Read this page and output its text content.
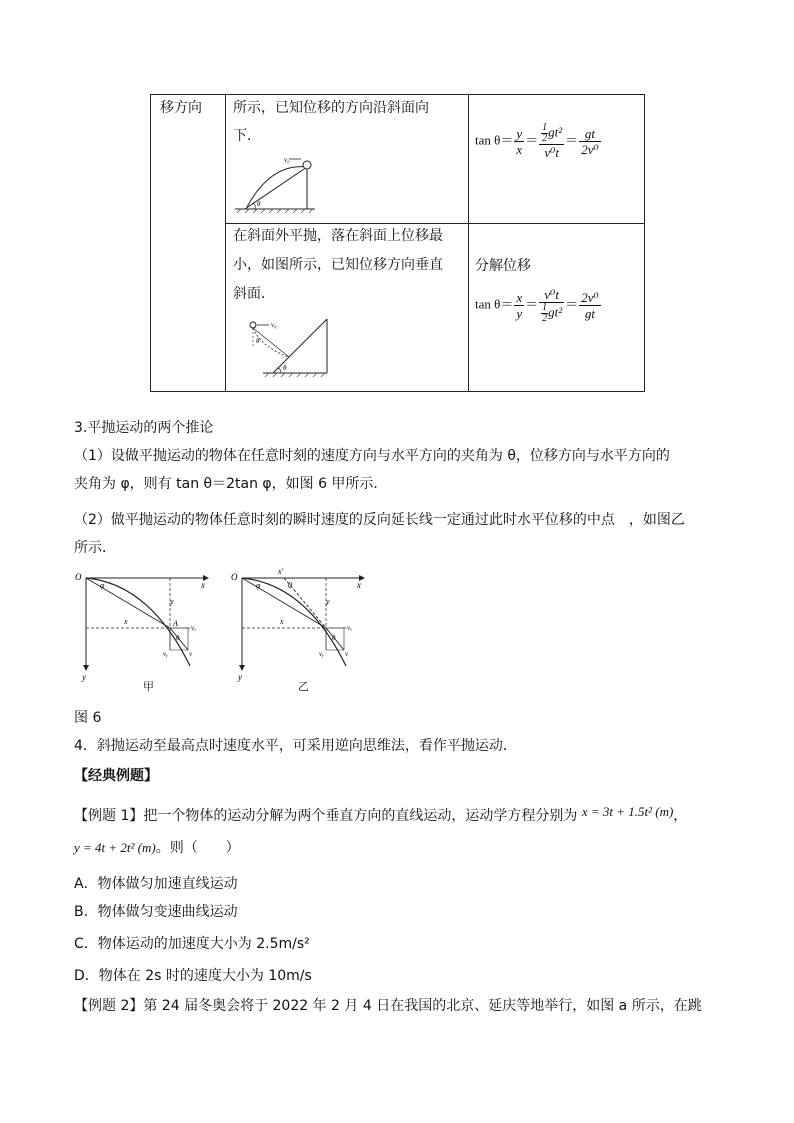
移方向 所示，已知位移的方向沿斜面向
下．
v₀
θ
$\tan \theta= \frac{y}{x} = \frac{\frac{1}{2} gt^2}{\text{v⁰t}} = \frac{gt}{\text{2v⁰}}$
在斜面外平抛，落在斜面上位移最
小，如图所示，已知位移方向垂直
斜面．
v₀
θ
θ
分解位移
$\tan \theta= \frac{x}{y} = \frac{\text{v⁰t}}{\frac{1}{2} gt^2} = \frac{\text{2v⁰}}{gt}$
3.平抛运动的两个推论
（1）设做平抛运动的物体在任意时刻的速度方向与水平方向的夹角为 θ，位移方向与水平方向的
夹角为 φ，则有 tan θ＝2tan φ，如图 6 甲所示．
（2）做平抛运动的物体任意时刻的瞬时速度的反向延长线一定通过此时水平位移的中点　，如图乙
所示．
O
x
y
y
x
φ
A vₓ
vᵧ	v
θ
甲
O
x
y
x′
θ
φ
y
x
vₓ
vᵧ	v
θ
乙
图 6
4．斜抛运动至最高点时速度水平，可采用逆向思维法，看作平抛运动．
【经典例题】
【例题 1】把一个物体的运动分解为两个垂直方向的直线运动，运动学方程分别为 x = 3t + 1.5t² (m)，
y = 4t + 2t² (m)。则（　　）
A．物体做匀加速直线运动
B．物体做匀变速曲线运动
C．物体运动的加速度大小为 2.5m/s²
D．物体在 2s 时的速度大小为 10m/s
【例题 2】第 24 届冬奥会将于 2022 年 2 月 4 日在我国的北京、延庆等地举行，如图 a 所示，在跳
